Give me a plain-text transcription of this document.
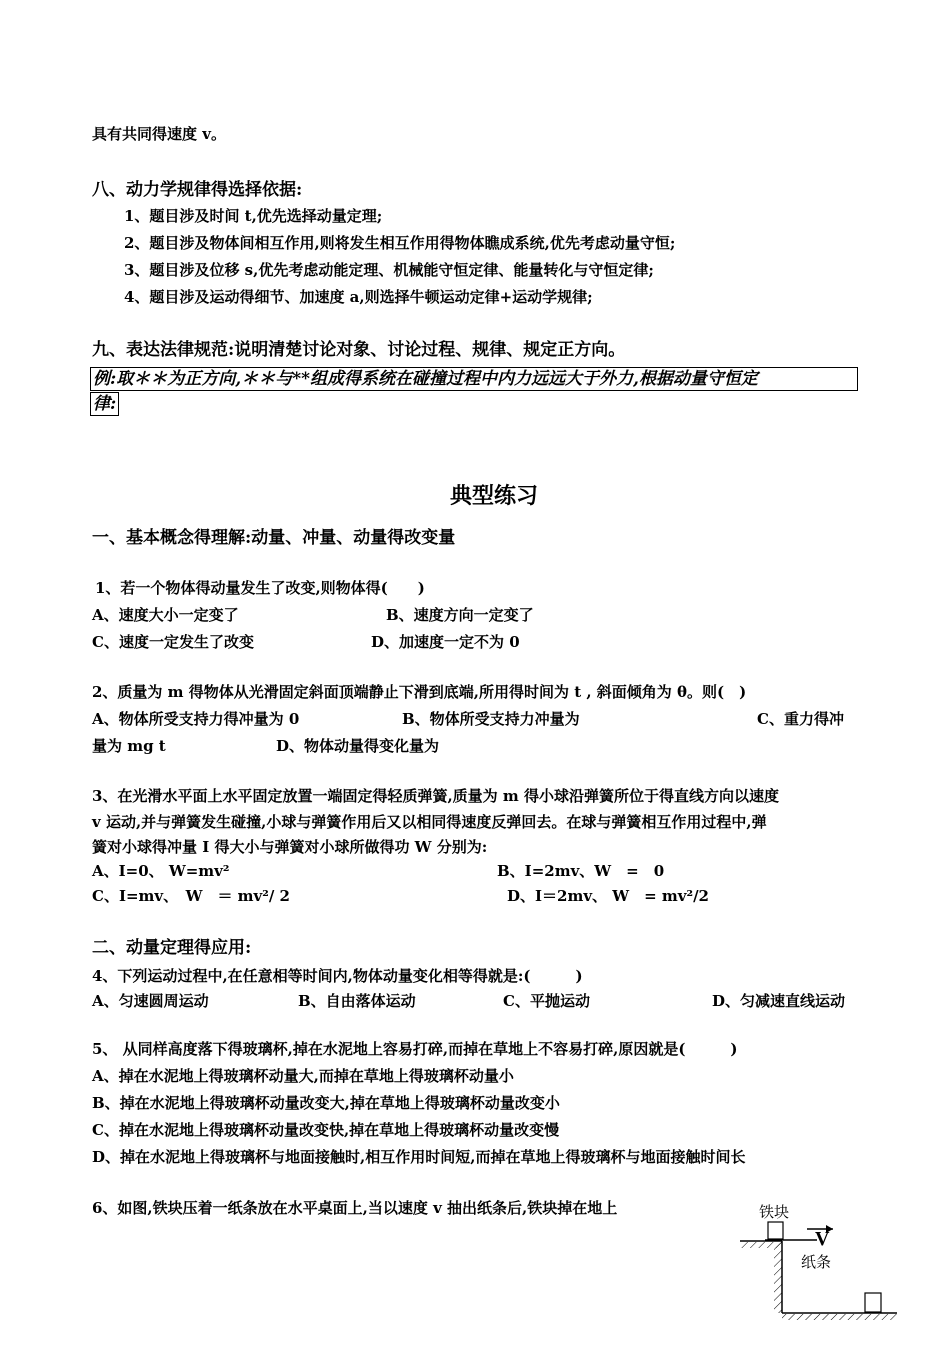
具有共同得速度 v。
八、动力学规律得选择依据:
1、题目涉及时间 t,优先选择动量定理;
2、题目涉及物体间相互作用,则将发生相互作用得物体瞧成系统,优先考虑动量守恒;
3、题目涉及位移 s,优先考虑动能定理、机械能守恒定律、能量转化与守恒定律;
4、题目涉及运动得细节、加速度 a,则选择牛顿运动定律+运动学规律;
九、表达法律规范:说明清楚讨论对象、讨论过程、规律、规定正方向。
例:取＊＊为正方向,＊＊与**组成得系统在碰撞过程中内力远远大于外力,根据动量守恒定
律:
典型练习
一、基本概念得理解:动量、冲量、动量得改变量
1、若一个物体得动量发生了改变,则物体得(　　)
A、速度大小一定变了	B、速度方向一定变了
C、速度一定发生了改变	D、加速度一定不为 0
2、质量为 m 得物体从光滑固定斜面顶端静止下滑到底端,所用得时间为 t , 斜面倾角为 θ。则(　)
A、物体所受支持力得冲量为 0	B、物体所受支持力冲量为	C、重力得冲
量为 mg t	D、物体动量得变化量为
3、在光滑水平面上水平固定放置一端固定得轻质弹簧,质量为 m 得小球沿弹簧所位于得直线方向以速度
v 运动,并与弹簧发生碰撞,小球与弹簧作用后又以相同得速度反弹回去。在球与弹簧相互作用过程中,弹
簧对小球得冲量 I 得大小与弹簧对小球所做得功 W 分别为:
A、I=0、 W=mv²	B、I=2mv、W　=　0
C、I=mv、　W　＝ mv²/ 2	D、I＝2mv、 W　= mv²/2
二、动量定理得应用:
4、下列运动过程中,在任意相等时间内,物体动量变化相等得就是:(　　　)
A、匀速圆周运动	B、自由落体运动	C、平抛运动	D、匀减速直线运动
5、 从同样高度落下得玻璃杯,掉在水泥地上容易打碎,而掉在草地上不容易打碎,原因就是(　　　)
A、掉在水泥地上得玻璃杯动量大,而掉在草地上得玻璃杯动量小
B、掉在水泥地上得玻璃杯动量改变大,掉在草地上得玻璃杯动量改变小
C、掉在水泥地上得玻璃杯动量改变快,掉在草地上得玻璃杯动量改变慢
D、掉在水泥地上得玻璃杯与地面接触时,相互作用时间短,而掉在草地上得玻璃杯与地面接触时间长
6、如图,铁块压着一纸条放在水平桌面上,当以速度 v 抽出纸条后,铁块掉在地上	铁块
V
纸条
